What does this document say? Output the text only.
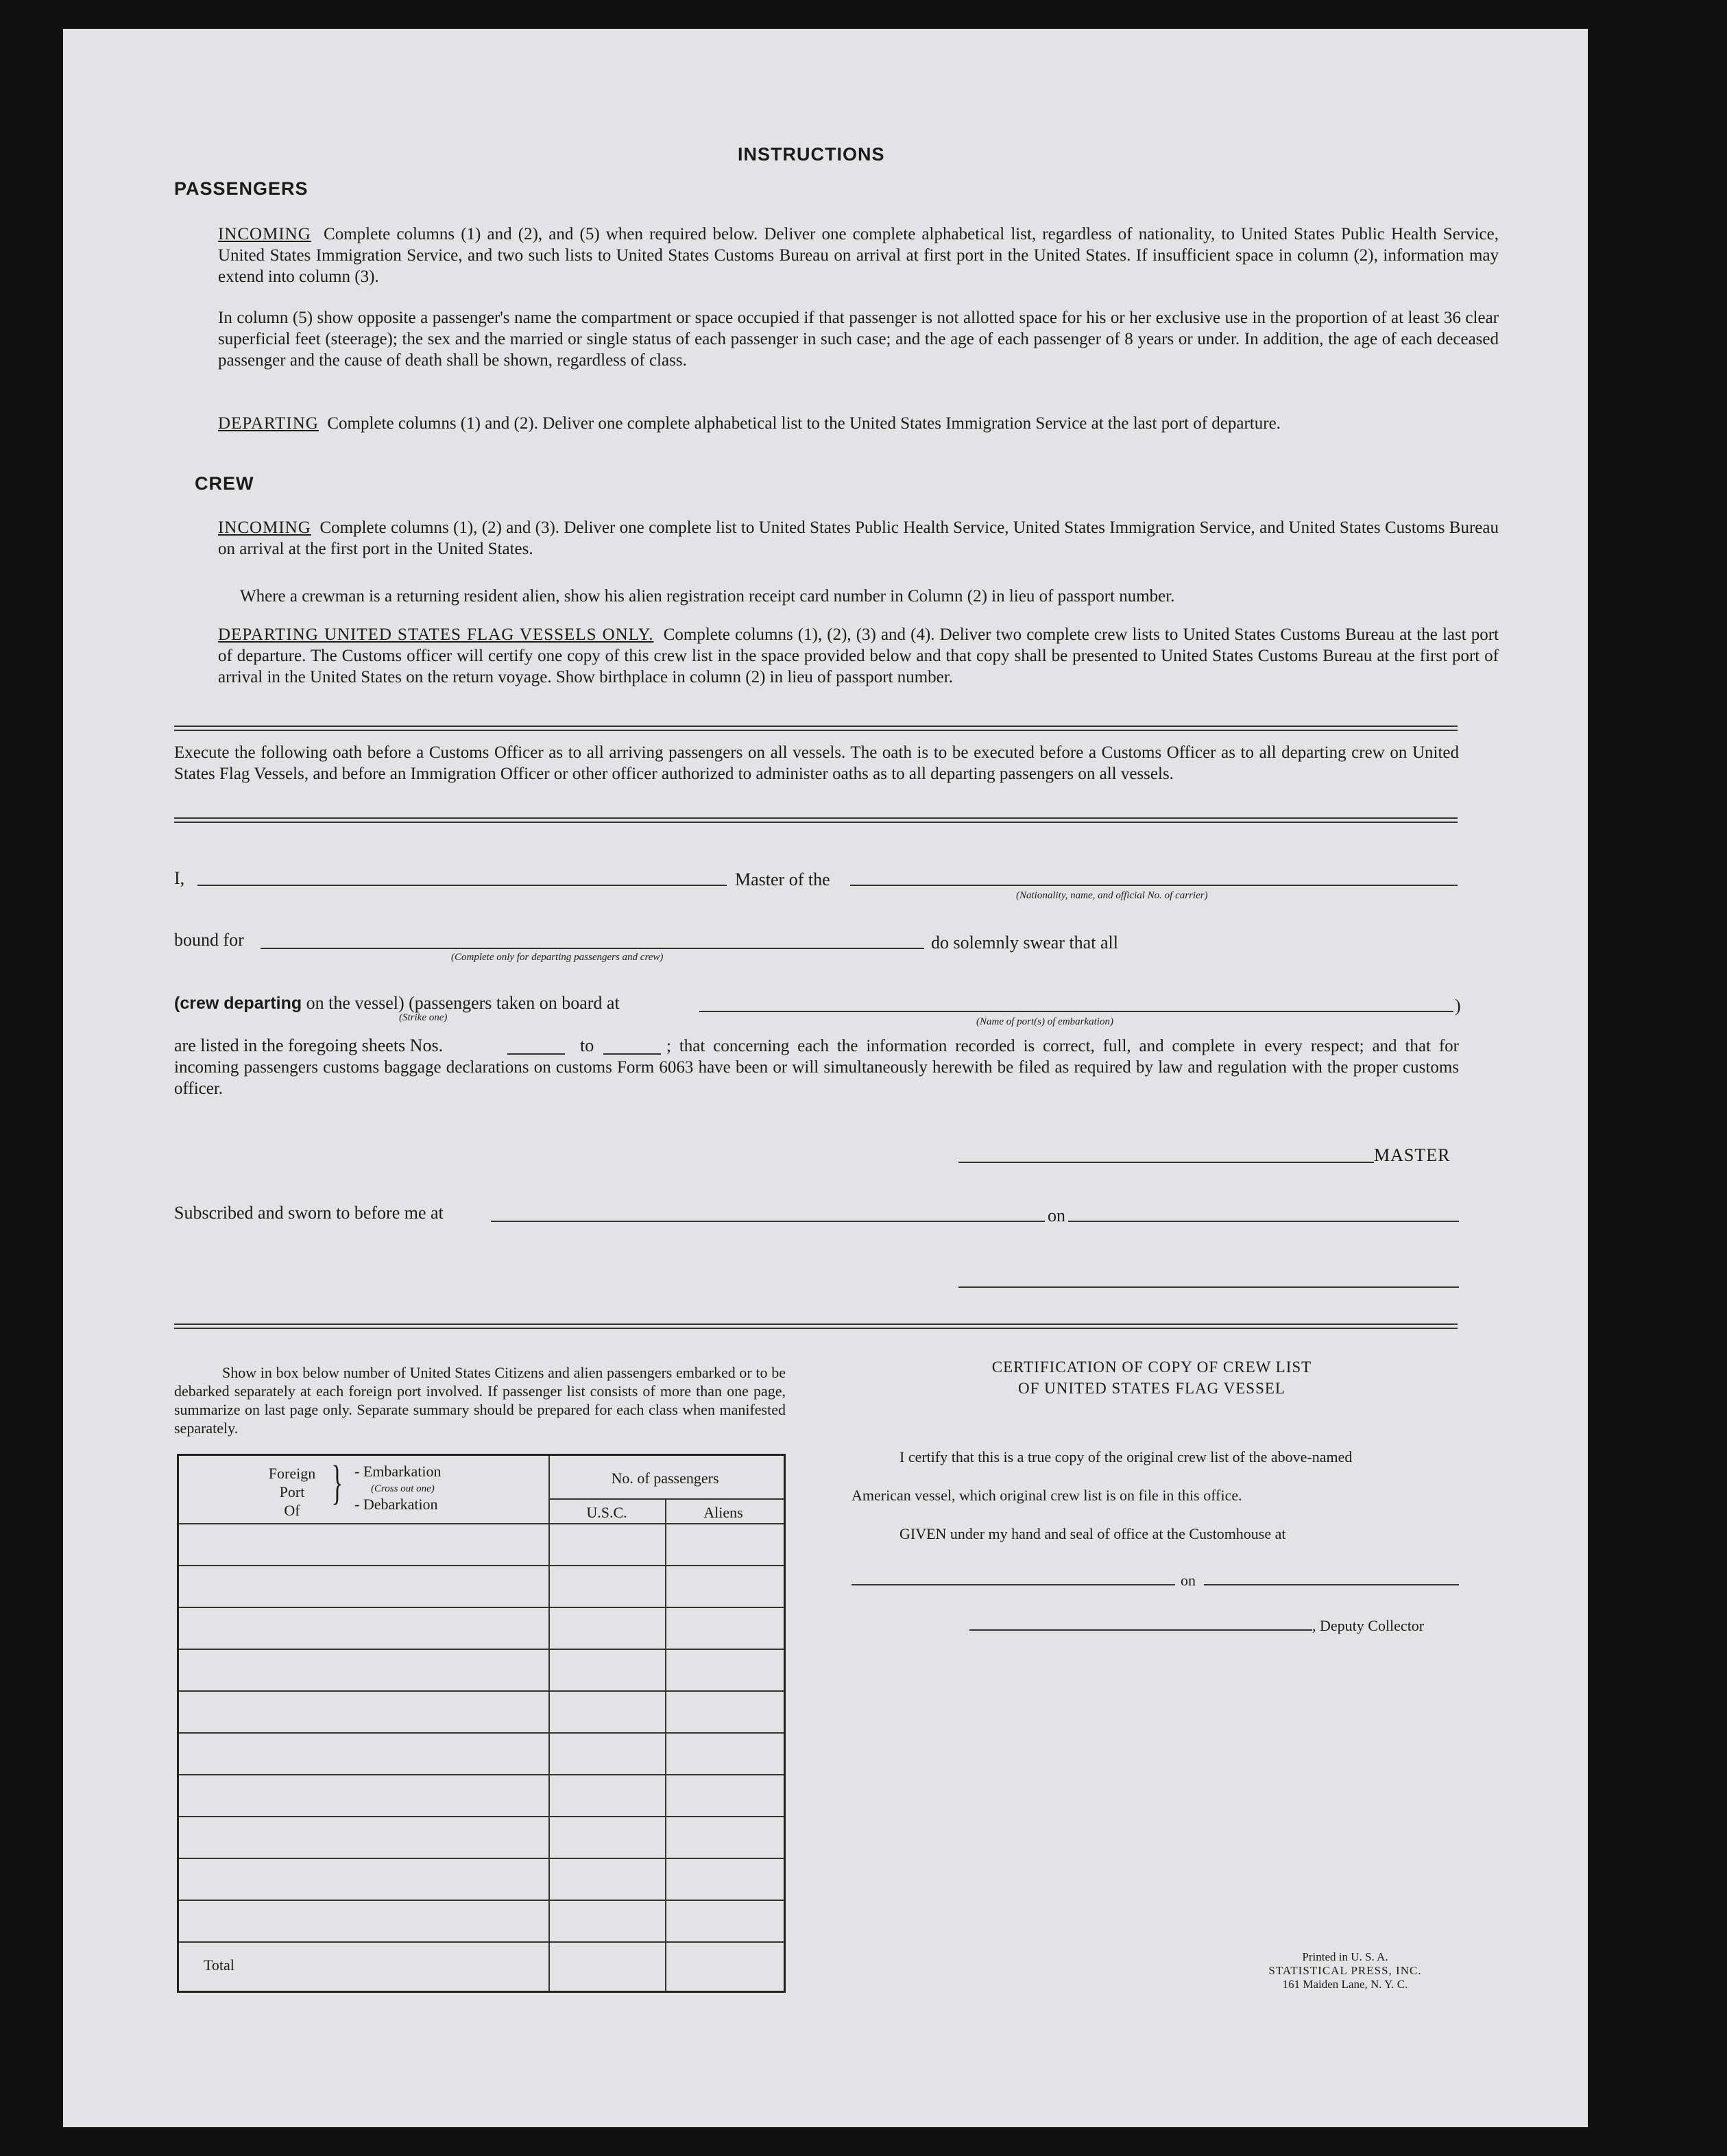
INSTRUCTIONS
PASSENGERS
INCOMING Complete columns (1) and (2), and (5) when required below. Deliver one complete alphabetical list, regardless of nationality, to United States Public Health Service, United States Immigration Service, and two such lists to United States Customs Bureau on arrival at first port in the United States. If insufficient space in column (2), information may extend into column (3).
In column (5) show opposite a passenger's name the compartment or space occupied if that passenger is not allotted space for his or her exclusive use in the proportion of at least 36 clear superficial feet (steerage); the sex and the married or single status of each passenger in such case; and the age of each passenger of 8 years or under. In addition, the age of each deceased passenger and the cause of death shall be shown, regardless of class.
DEPARTING Complete columns (1) and (2). Deliver one complete alphabetical list to the United States Immigration Service at the last port of departure.
CREW
INCOMING Complete columns (1), (2) and (3). Deliver one complete list to United States Public Health Service, United States Immigration Service, and United States Customs Bureau on arrival at the first port in the United States.
Where a crewman is a returning resident alien, show his alien registration receipt card number in Column (2) in lieu of passport number.
DEPARTING UNITED STATES FLAG VESSELS ONLY. Complete columns (1), (2), (3) and (4). Deliver two complete crew lists to United States Customs Bureau at the last port of departure. The Customs officer will certify one copy of this crew list in the space provided below and that copy shall be presented to United States Customs Bureau at the first port of arrival in the United States on the return voyage. Show birthplace in column (2) in lieu of passport number.
Execute the following oath before a Customs Officer as to all arriving passengers on all vessels. The oath is to be executed before a Customs Officer as to all departing crew on United States Flag Vessels, and before an Immigration Officer or other officer authorized to administer oaths as to all departing passengers on all vessels.
I,	Master of the
(Nationality, name, and official No. of carrier)
bound for
(Complete only for departing passengers and crew)
do solemnly swear that all
(crew departing on the vessel) (passengers taken on board at
(Strike one)
)
(Name of port(s) of embarkation)
are listed in the foregoing sheets Nos.	to	; that concerning each the information recorded is correct, full, and complete in every respect; and that for incoming passengers customs baggage declarations on customs Form 6063 have been or will simultaneously herewith be filed as required by law and regulation with the proper customs officer.
MASTER
Subscribed and sworn to before me at	on
Show in box below number of United States Citizens and alien passengers embarked or to be debarked separately at each foreign port involved. If passenger list consists of more than one page, summarize on last page only. Separate summary should be prepared for each class when manifested separately.
Foreign
Port
Of
} - Embarkation
(Cross out one)
- Debarkation
No. of passengers
U.S.C.	Aliens
Total
CERTIFICATION OF COPY OF CREW LIST
OF UNITED STATES FLAG VESSEL
I certify that this is a true copy of the original crew list of the above-named
American vessel, which original crew list is on file in this office.
GIVEN under my hand and seal of office at the Customhouse at
on
, Deputy Collector
Printed in U. S. A.
STATISTICAL PRESS, INC.
161 Maiden Lane, N. Y. C.
